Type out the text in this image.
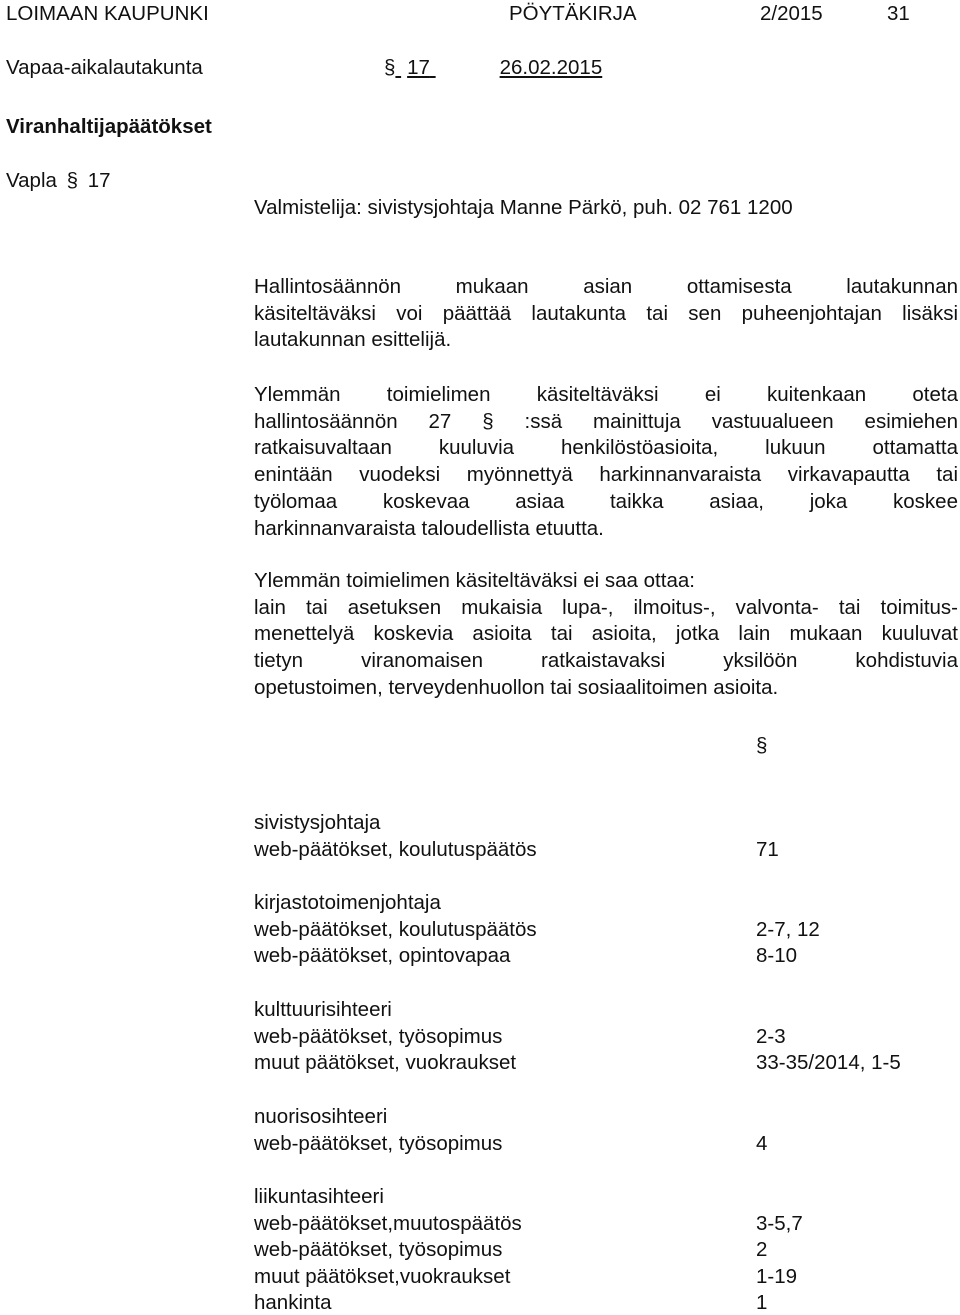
LOIMAAN KAUPUNKI	PÖYTÄKIRJA	2/2015	31
Vapaa-aikalautakunta	§ 17	26.02.2015
Viranhaltijapäätökset
Vapla § 17
Valmistelija: sivistysjohtaja Manne Pärkö, puh. 02 761 1200
Hallintosäännön mukaan asian ottamisesta lautakunnan
käsiteltäväksi voi päättää lautakunta tai sen puheenjohtajan lisäksi
lautakunnan esittelijä.
Ylemmän toimielimen käsiteltäväksi ei kuitenkaan oteta
hallintosäännön 27 § :ssä mainittuja vastuualueen esimiehen
ratkaisuvaltaan kuuluvia henkilöstöasioita, lukuun ottamatta
enintään vuodeksi myönnettyä harkinnanvaraista virkavapautta tai
työlomaa koskevaa asiaa taikka asiaa, joka koskee
harkinnanvaraista taloudellista etuutta.
Ylemmän toimielimen käsiteltäväksi ei saa ottaa:
lain tai asetuksen mukaisia lupa-, ilmoitus-, valvonta- tai toimitus-
menettelyä koskevia asioita tai asioita, jotka lain mukaan kuuluvat
tietyn viranomaisen ratkaistavaksi yksilöön kohdistuvia
opetustoimen, terveydenhuollon tai sosiaalitoimen asioita.
§
sivistysjohtaja
web-päätökset, koulutuspäätös	71
kirjastotoimenjohtaja
web-päätökset, koulutuspäätös	2-7, 12
web-päätökset, opintovapaa	8-10
kulttuurisihteeri
web-päätökset, työsopimus	2-3
muut päätökset, vuokraukset	33-35/2014, 1-5
nuorisosihteeri
web-päätökset, työsopimus	4
liikuntasihteeri
web-päätökset,muutospäätös	3-5,7
web-päätökset, työsopimus	2
muut päätökset,vuokraukset	1-19
hankinta	1
